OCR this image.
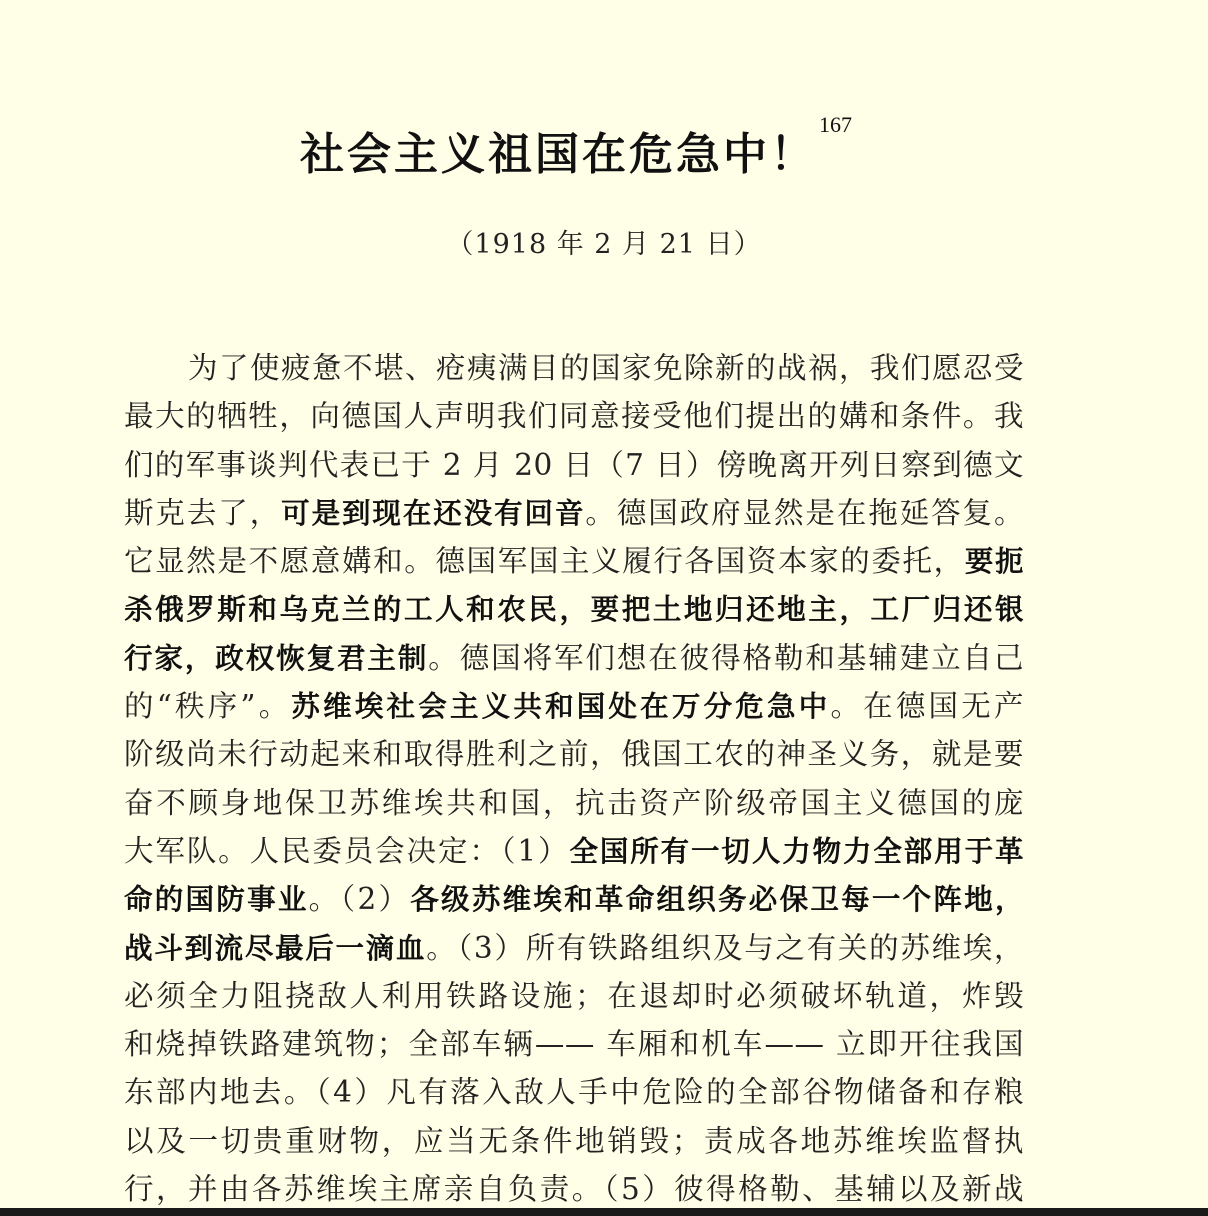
社会主义祖国在危急中！$^{167}$
（1918 年 2 月 21 日）
为了使疲惫不堪、疮痍满目的国家免除新的战祸，我们愿忍受
最大的牺牲，向德国人声明我们同意接受他们提出的媾和条件。我
们的军事谈判代表已于 2 月 20 日（7 日）傍晚离开列日察到德文
斯克去了，可是到现在还没有回音。德国政府显然是在拖延答复。
它显然是不愿意媾和。德国军国主义履行各国资本家的委托，要扼
杀俄罗斯和乌克兰的工人和农民，要把土地归还地主，工厂归还银
行家，政权恢复君主制。德国将军们想在彼得格勒和基辅建立自己
的“秩序”。苏维埃社会主义共和国处在万分危急中。在德国无产
阶级尚未行动起来和取得胜利之前，俄国工农的神圣义务，就是要
奋不顾身地保卫苏维埃共和国，抗击资产阶级帝国主义德国的庞
大军队。人民委员会决定：（1）全国所有一切人力物力全部用于革
命的国防事业。（2）各级苏维埃和革命组织务必保卫每一个阵地，
战斗到流尽最后一滴血。（3）所有铁路组织及与之有关的苏维埃，
必须全力阻挠敌人利用铁路设施；在退却时必须破坏轨道，炸毁
和烧掉铁路建筑物；全部车辆—— 车厢和机车—— 立即开往我国
东部内地去。（4）凡有落入敌人手中危险的全部谷物储备和存粮
以及一切贵重财物，应当无条件地销毁；责成各地苏维埃监督执
行，并由各苏维埃主席亲自负责。（5）彼得格勒、基辅以及新战
